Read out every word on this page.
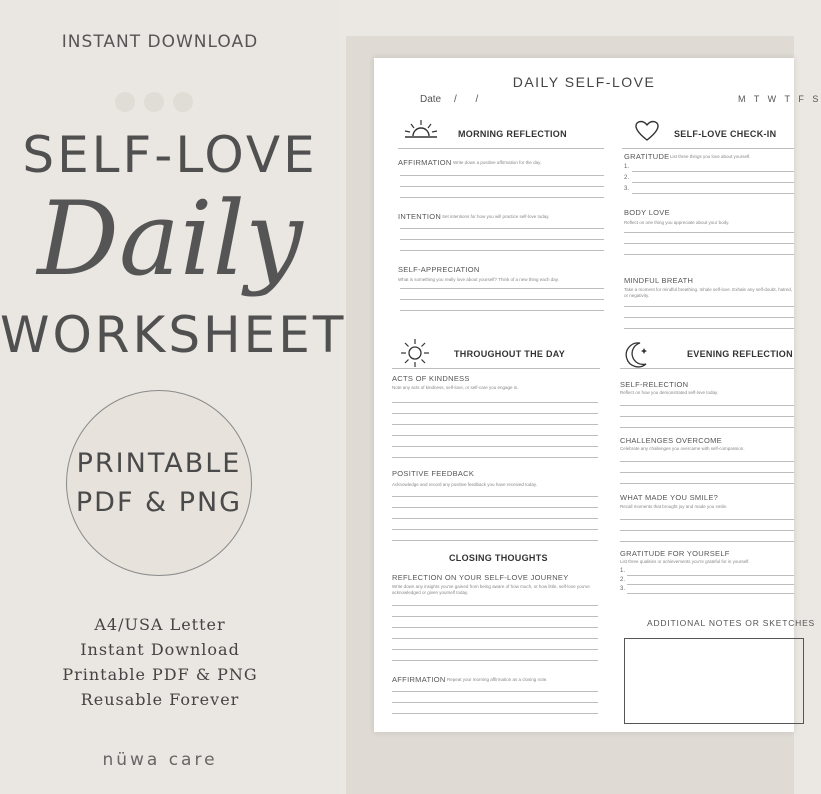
INSTANT DOWNLOAD
SELF-LOVE
Daily
WORKSHEET
PRINTABLE
PDF & PNG
A4/USA Letter
Instant Download
Printable PDF & PNG
Reusable Forever
nüwa care
DAILY SELF-LOVE
Date / /	M T W T F S
MORNING REFLECTION
AFFIRMATION Write down a positive affirmation for the day.
INTENTION Set intentions for how you will practice self-love today.
SELF-APPRECIATION
What is something you really love about yourself? Think of a new thing each day.
SELF-LOVE CHECK-IN
GRATITUDE List three things you love about yourself.
1.
2.
3.
BODY LOVE
Reflect on one thing you appreciate about your body.
MINDFUL BREATH
Take a moment for mindful breathing. Inhale self-love. Exhale any self-doubt, hatred, or negativity.
THROUGHOUT THE DAY
ACTS OF KINDNESS
Note any acts of kindness, self-love, or self-care you engage in.
POSITIVE FEEDBACK
Acknowledge and record any positive feedback you have received today.
CLOSING THOUGHTS
REFLECTION ON YOUR SELF-LOVE JOURNEY
Write down any insights you've gained from being aware of how much, or how little, self-love you've acknowledged or given yourself today.
AFFIRMATION Repeat your morning affirmation as a closing note.
EVENING REFLECTION
SELF-RELECTION
Reflect on how you demonstrated self-love today.
CHALLENGES OVERCOME
Celebrate any challenges you overcame with self-compassion.
WHAT MADE YOU SMILE?
Recall moments that brought joy and made you smile.
GRATITUDE FOR YOURSELF
List three qualities or achievements you're grateful for in yourself.
1.
2.
3.
ADDITIONAL NOTES OR SKETCHES
